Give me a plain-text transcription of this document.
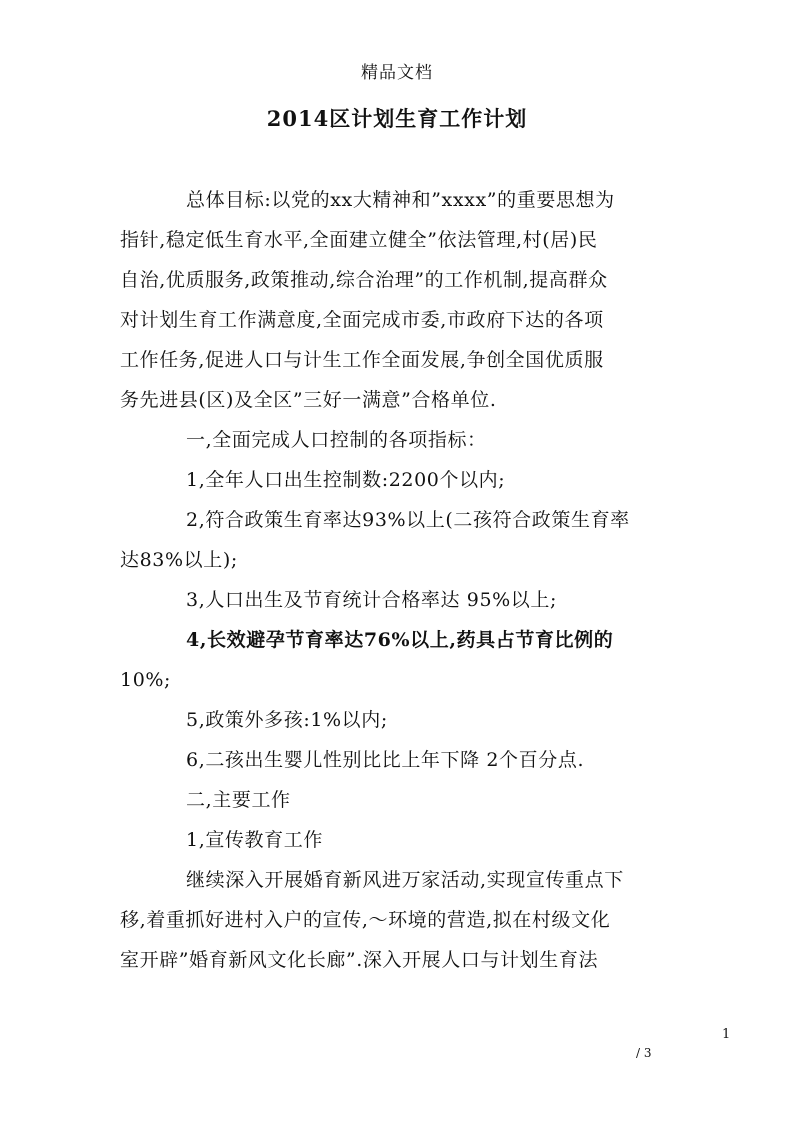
精品文档
2014区计划生育工作计划

总体目标:以党的xx大精神和”xxxx”的重要思想为

指针,稳定低生育水平,全面建立健全”依法管理,村(居)民

自治,优质服务,政策推动,综合治理”的工作机制,提高群众

对计划生育工作满意度,全面完成市委,市政府下达的各项

工作任务,促进人口与计生工作全面发展,争创全国优质服

务先进县(区)及全区”三好一满意”合格单位.

一,全面完成人口控制的各项指标：

1,全年人口出生控制数:2200个以内;

2,符合政策生育率达93%以上(二孩符合政策生育率

达83%以上);

3,人口出生及节育统计合格率达 95%以上;

4,长效避孕节育率达76%以上,药具占节育比例的

10%;

5,政策外多孩:1%以内;

6,二孩出生婴儿性别比比上年下降 2个百分点.

二,主要工作

1,宣传教育工作

继续深入开展婚育新风进万家活动,实现宣传重点下

移,着重抓好进村入户的宣传,～环境的营造,拟在村级文化

室开辟”婚育新风文化长廊”.深入开展人口与计划生育法

1
/ 3
